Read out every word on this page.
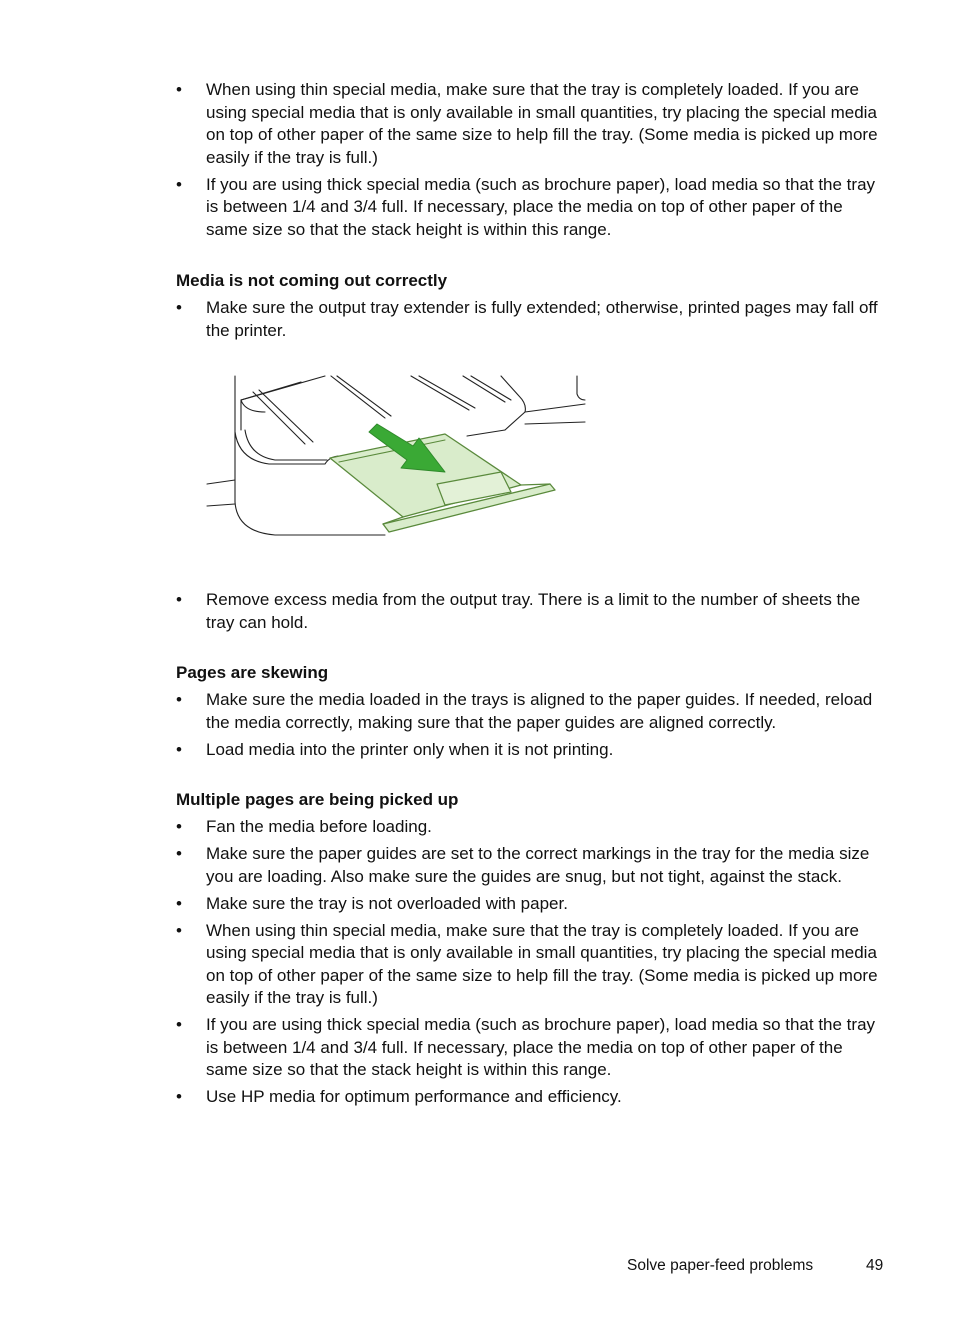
• When using thin special media, make sure that the tray is completely loaded. If you are using special media that is only available in small quantities, try placing the special media on top of other paper of the same size to help fill the tray. (Some media is picked up more easily if the tray is full.)
• If you are using thick special media (such as brochure paper), load media so that the tray is between 1/4 and 3/4 full. If necessary, place the media on top of other paper of the same size so that the stack height is within this range.
Media is not coming out correctly
• Make sure the output tray extender is fully extended; otherwise, printed pages may fall off the printer.
• Remove excess media from the output tray. There is a limit to the number of sheets the tray can hold.
Pages are skewing
• Make sure the media loaded in the trays is aligned to the paper guides. If needed, reload the media correctly, making sure that the paper guides are aligned correctly.
• Load media into the printer only when it is not printing.
Multiple pages are being picked up
• Fan the media before loading.
• Make sure the paper guides are set to the correct markings in the tray for the media size you are loading. Also make sure the guides are snug, but not tight, against the stack.
• Make sure the tray is not overloaded with paper.
• When using thin special media, make sure that the tray is completely loaded. If you are using special media that is only available in small quantities, try placing the special media on top of other paper of the same size to help fill the tray. (Some media is picked up more easily if the tray is full.)
• If you are using thick special media (such as brochure paper), load media so that the tray is between 1/4 and 3/4 full. If necessary, place the media on top of other paper of the same size so that the stack height is within this range.
• Use HP media for optimum performance and efficiency.
Solve paper-feed problems	49
